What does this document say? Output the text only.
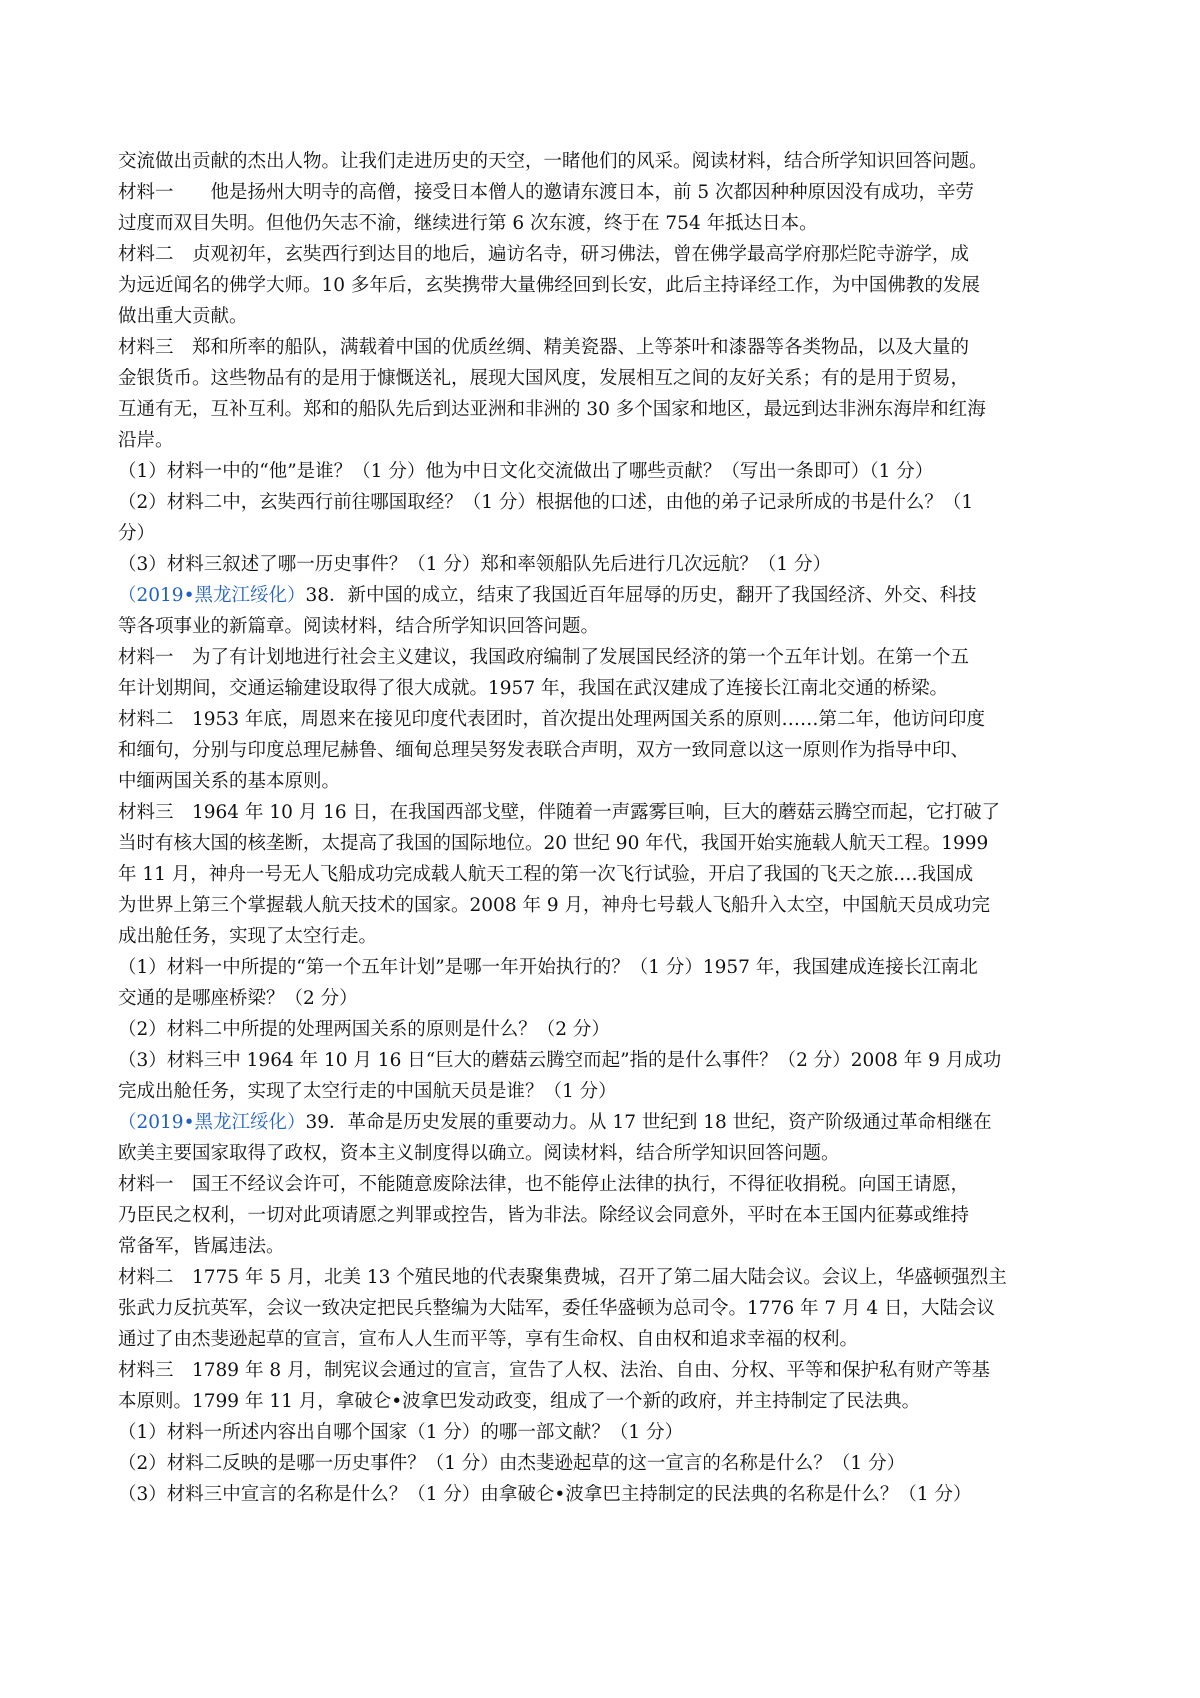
交流做出贡献的杰出人物。让我们走进历史的天空，一睹他们的风采。阅读材料，结合所学知识回答问题。
材料一　　他是扬州大明寺的高僧，接受日本僧人的邀请东渡日本，前 5 次都因种种原因没有成功，辛劳
过度而双目失明。但他仍矢志不渝，继续进行第 6 次东渡，终于在 754 年抵达日本。
材料二　贞观初年，玄奘西行到达目的地后，遍访名寺，研习佛法，曾在佛学最高学府那烂陀寺游学，成
为远近闻名的佛学大师。10 多年后，玄奘携带大量佛经回到长安，此后主持译经工作，为中国佛教的发展
做出重大贡献。
材料三　郑和所率的船队，满载着中国的优质丝绸、精美瓷器、上等茶叶和漆器等各类物品，以及大量的
金银货币。这些物品有的是用于慷慨送礼，展现大国风度，发展相互之间的友好关系；有的是用于贸易，
互通有无，互补互利。郑和的船队先后到达亚洲和非洲的 30 多个国家和地区，最远到达非洲东海岸和红海
沿岸。
（1）材料一中的“他”是谁？（1 分）他为中日文化交流做出了哪些贡献？（写出一条即可）（1 分）
（2）材料二中，玄奘西行前往哪国取经？（1 分）根据他的口述，由他的弟子记录所成的书是什么？（1
分）
（3）材料三叙述了哪一历史事件？（1 分）郑和率领船队先后进行几次远航？（1 分）
（2019•黑龙江绥化）38．新中国的成立，结束了我国近百年屈辱的历史，翻开了我国经济、外交、科技
等各项事业的新篇章。阅读材料，结合所学知识回答问题。
材料一　为了有计划地进行社会主义建议，我国政府编制了发展国民经济的第一个五年计划。在第一个五
年计划期间，交通运输建设取得了很大成就。1957 年，我国在武汉建成了连接长江南北交通的桥梁。
材料二　1953 年底，周恩来在接见印度代表团时，首次提出处理两国关系的原则……第二年，他访问印度
和缅句，分别与印度总理尼赫鲁、缅甸总理吴努发表联合声明，双方一致同意以这一原则作为指导中印、
中缅两国关系的基本原则。
材料三　1964 年 10 月 16 日，在我国西部戈壁，伴随着一声露雾巨响，巨大的蘑菇云腾空而起，它打破了
当时有核大国的核垄断，太提高了我国的国际地位。20 世纪 90 年代，我国开始实施载人航天工程。1999
年 11 月，神舟一号无人飞船成功完成载人航天工程的第一次飞行试验，开启了我国的飞天之旅.…我国成
为世界上第三个掌握载人航天技术的国家。2008 年 9 月，神舟七号载人飞船升入太空，中国航天员成功完
成出舱任务，实现了太空行走。
（1）材料一中所提的“第一个五年计划”是哪一年开始执行的？（1 分）1957 年，我国建成连接长江南北
交通的是哪座桥梁？（2 分）
（2）材料二中所提的处理两国关系的原则是什么？（2 分）
（3）材料三中 1964 年 10 月 16 日“巨大的蘑菇云腾空而起”指的是什么事件？（2 分）2008 年 9 月成功
完成出舱任务，实现了太空行走的中国航天员是谁？（1 分）
（2019•黑龙江绥化）39．革命是历史发展的重要动力。从 17 世纪到 18 世纪，资产阶级通过革命相继在
欧美主要国家取得了政权，资本主义制度得以确立。阅读材料，结合所学知识回答问题。
材料一　国王不经议会许可，不能随意废除法律，也不能停止法律的执行，不得征收捐税。向国王请愿，
乃臣民之权利，一切对此项请愿之判罪或控告，皆为非法。除经议会同意外，平时在本王国内征募或维持
常备军，皆属违法。
材料二　1775 年 5 月，北美 13 个殖民地的代表聚集费城，召开了第二届大陆会议。会议上，华盛顿强烈主
张武力反抗英军，会议一致决定把民兵整编为大陆军，委任华盛顿为总司令。1776 年 7 月 4 日，大陆会议
通过了由杰斐逊起草的宣言，宣布人人生而平等，享有生命权、自由权和追求幸福的权利。
材料三　1789 年 8 月，制宪议会通过的宣言，宣告了人权、法治、自由、分权、平等和保护私有财产等基
本原则。1799 年 11 月，拿破仑•波拿巴发动政变，组成了一个新的政府，并主持制定了民法典。
（1）材料一所述内容出自哪个国家（1 分）的哪一部文献？（1 分）
（2）材料二反映的是哪一历史事件？（1 分）由杰斐逊起草的这一宣言的名称是什么？（1 分）
（3）材料三中宣言的名称是什么？（1 分）由拿破仑•波拿巴主持制定的民法典的名称是什么？（1 分）
